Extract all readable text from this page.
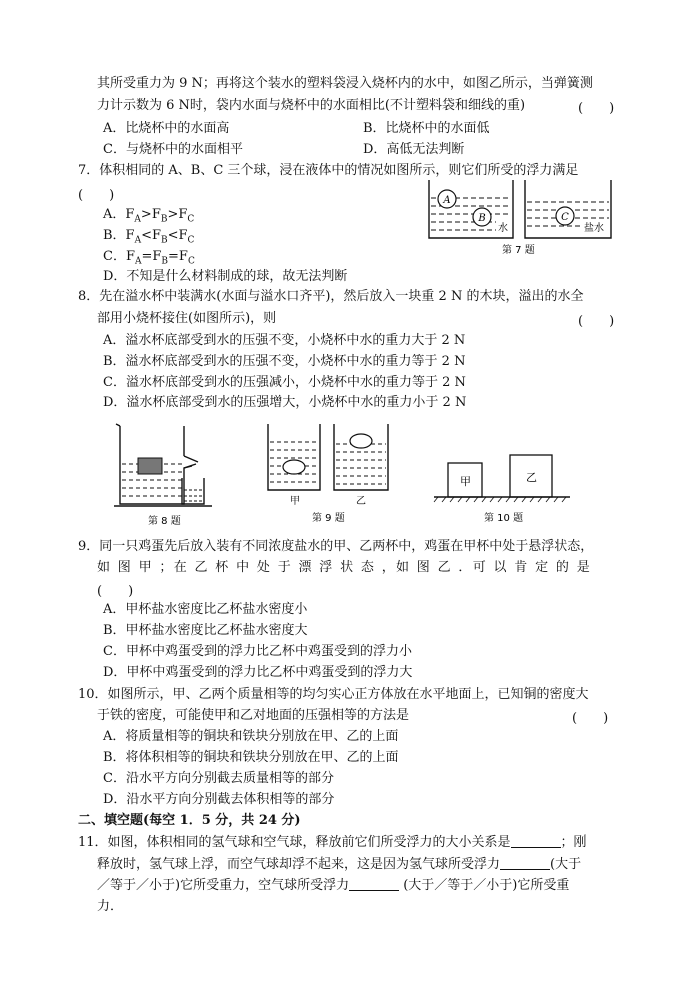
其所受重力为 9 N；再将这个装水的塑料袋浸入烧杯内的水中，如图乙所示，当弹簧测
力计示数为 6 N时，袋内水面与烧杯中的水面相比(不计塑料袋和细线的重)	(　　)
A．比烧杯中的水面高	B．比烧杯中的水面低
C．与烧杯中的水面相平	D．高低无法判断
7．体积相同的 A、B、C 三个球，浸在液体中的情况如图所示，则它们所受的浮力满足
(　　)
A．$F_A>F_B>F_C$
B．$F_A<F_B<F_C$
C．$F_A=F_B=F_C$
D．不知是什么材料制成的球，故无法判断
A
B	C
水	盐水
第 7 题
8．先在溢水杯中装满水(水面与溢水口齐平)，然后放入一块重 2 N 的木块，溢出的水全
部用小烧杯接住(如图所示)，则	(　　)
A．溢水杯底部受到水的压强不变，小烧杯中水的重力大于 2 N
B．溢水杯底部受到水的压强不变，小烧杯中水的重力等于 2 N
C．溢水杯底部受到水的压强减小，小烧杯中水的重力等于 2 N
D．溢水杯底部受到水的压强增大，小烧杯中水的重力小于 2 N
第 8 题
甲	乙
第 9 题
甲	乙
第 10 题
9．同一只鸡蛋先后放入装有不同浓度盐水的甲、乙两杯中，鸡蛋在甲杯中处于悬浮状态，
如　图　甲　；　在　乙　杯　中　处　于　漂　浮　状　态　，　如　图　乙　．　可　以　肯　定　的　是
(　　)
A．甲杯盐水密度比乙杯盐水密度小
B．甲杯盐水密度比乙杯盐水密度大
C．甲杯中鸡蛋受到的浮力比乙杯中鸡蛋受到的浮力小
D．甲杯中鸡蛋受到的浮力比乙杯中鸡蛋受到的浮力大
10．如图所示，甲、乙两个质量相等的均匀实心正方体放在水平地面上，已知铜的密度大
于铁的密度，可能使甲和乙对地面的压强相等的方法是	(　　)
A．将质量相等的铜块和铁块分别放在甲、乙的上面
B．将体积相等的铜块和铁块分别放在甲、乙的上面
C．沿水平方向分别截去质量相等的部分
D．沿水平方向分别截去体积相等的部分
二、填空题(每空 1．5 分，共 24 分)
11．如图，体积相同的氢气球和空气球，释放前它们所受浮力的大小关系是	；刚
释放时，氢气球上浮，而空气球却浮不起来，这是因为氢气球所受浮力	(大于
／等于／小于)它所受重力，空气球所受浮力	(大于／等于／小于)它所受重
力．
